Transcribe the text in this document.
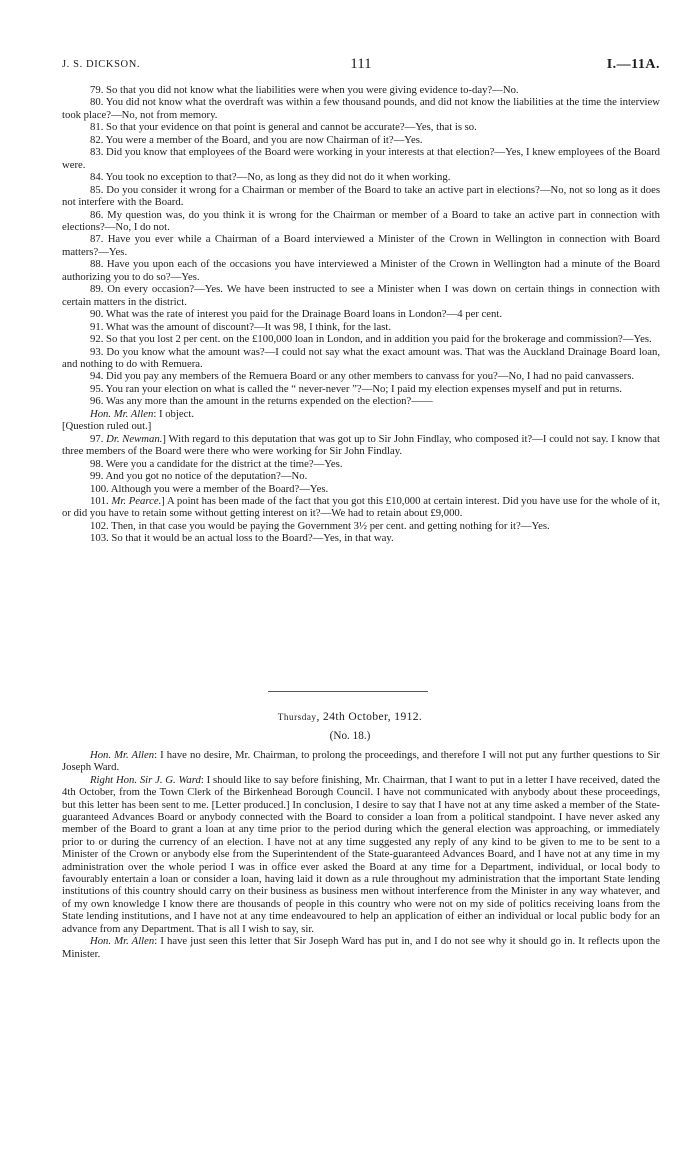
J. S. DICKSON.	111	I.—11A.

79. So that you did not know what the liabilities were when you were giving evidence to-day?—No.

80. You did not know what the overdraft was within a few thousand pounds, and did not know the liabilities at the time the interview took place?—No, not from memory.

81. So that your evidence on that point is general and cannot be accurate?—Yes, that is so.

82. You were a member of the Board, and you are now Chairman of it?—Yes.

83. Did you know that employees of the Board were working in your interests at that election?—Yes, I knew employees of the Board were.

84. You took no exception to that?—No, as long as they did not do it when working.

85. Do you consider it wrong for a Chairman or member of the Board to take an active part in elections?—No, not so long as it does not interfere with the Board.

86. My question was, do you think it is wrong for the Chairman or member of a Board to take an active part in connection with elections?—No, I do not.

87. Have you ever while a Chairman of a Board interviewed a Minister of the Crown in Wellington in connection with Board matters?—Yes.

88. Have you upon each of the occasions you have interviewed a Minister of the Crown in Wellington had a minute of the Board authorizing you to do so?—Yes.

89. On every occasion?—Yes. We have been instructed to see a Minister when I was down on certain things in connection with certain matters in the district.

90. What was the rate of interest you paid for the Drainage Board loans in London?—4 per cent.

91. What was the amount of discount?—It was 98, I think, for the last.

92. So that you lost 2 per cent. on the £100,000 loan in London, and in addition you paid for the brokerage and commission?—Yes.

93. Do you know what the amount was?—I could not say what the exact amount was. That was the Auckland Drainage Board loan, and nothing to do with Remuera.

94. Did you pay any members of the Remuera Board or any other members to canvass for you?—No, I had no paid canvassers.

95. You ran your election on what is called the “ never-never ”?—No; I paid my election expenses myself and put in returns.

96. Was any more than the amount in the returns expended on the election?——

Hon. Mr. Allen: I object.

[Question ruled out.]

97. Dr. Newman.] With regard to this deputation that was got up to Sir John Findlay, who composed it?—I could not say. I know that three members of the Board were there who were working for Sir John Findlay.

98. Were you a candidate for the district at the time?—Yes.

99. And you got no notice of the deputation?—No.

100. Although you were a member of the Board?—Yes.

101. Mr. Pearce.] A point has been made of the fact that you got this £10,000 at certain interest. Did you have use for the whole of it, or did you have to retain some without getting interest on it?—We had to retain about £9,000.

102. Then, in that case you would be paying the Government 3½ per cent. and getting nothing for it?—Yes.

103. So that it would be an actual loss to the Board?—Yes, in that way.

Thursday, 24th October, 1912.
(No. 18.)

Hon. Mr. Allen: I have no desire, Mr. Chairman, to prolong the proceedings, and therefore I will not put any further questions to Sir Joseph Ward.

Right Hon. Sir J. G. Ward: I should like to say before finishing, Mr. Chairman, that I want to put in a letter I have received, dated the 4th October, from the Town Clerk of the Birkenhead Borough Council. I have not communicated with anybody about these proceedings, but this letter has been sent to me. [Letter produced.] In conclusion, I desire to say that I have not at any time asked a member of the State-guaranteed Advances Board or anybody connected with the Board to consider a loan from a political standpoint. I have never asked any member of the Board to grant a loan at any time prior to the period during which the general election was approaching, or immediately prior to or during the currency of an election. I have not at any time suggested any reply of any kind to be given to me to be sent to a Minister of the Crown or anybody else from the Superintendent of the State-guaranteed Advances Board, and I have not at any time in my administration over the whole period I was in office ever asked the Board at any time for a Department, individual, or local body to favourably entertain a loan or consider a loan, having laid it down as a rule throughout my administration that the important State lending institutions of this country should carry on their business as business men without interference from the Minister in any way whatever, and of my own knowledge I know there are thousands of people in this country who were not on my side of politics receiving loans from the State lending institutions, and I have not at any time endeavoured to help an application of either an individual or local public body for an advance from any Department. That is all I wish to say, sir.

Hon. Mr. Allen: I have just seen this letter that Sir Joseph Ward has put in, and I do not see why it should go in. It reflects upon the Minister.
